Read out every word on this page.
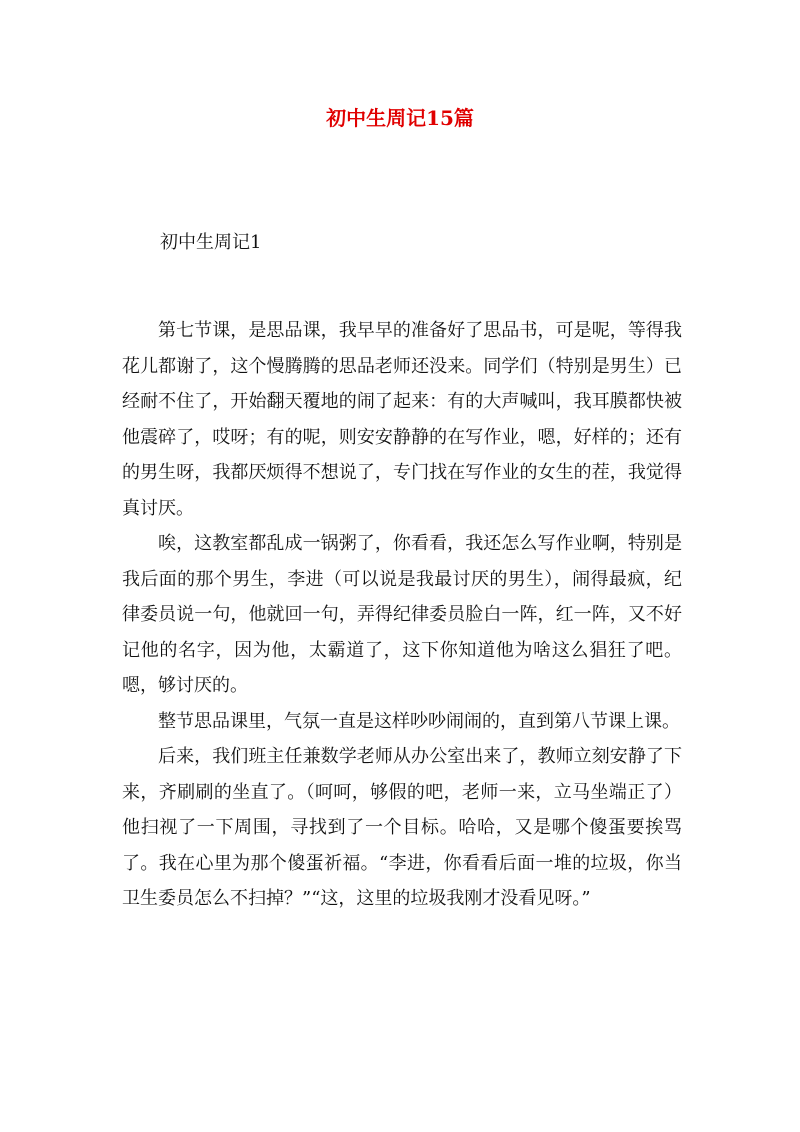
初中生周记15篇
初中生周记1

第七节课，是思品课，我早早的准备好了思品书，可是呢，等得我花儿都谢了，这个慢腾腾的思品老师还没来。同学们（特别是男生）已经耐不住了，开始翻天覆地的闹了起来：有的大声喊叫，我耳膜都快被他震碎了，哎呀；有的呢，则安安静静的在写作业，嗯，好样的；还有的男生呀，我都厌烦得不想说了，专门找在写作业的女生的茬，我觉得真讨厌。

唉，这教室都乱成一锅粥了，你看看，我还怎么写作业啊，特别是我后面的那个男生，李进（可以说是我最讨厌的男生），闹得最疯，纪律委员说一句，他就回一句，弄得纪律委员脸白一阵，红一阵，又不好记他的名字，因为他，太霸道了，这下你知道他为啥这么猖狂了吧。嗯，够讨厌的。

整节思品课里，气氛一直是这样吵吵闹闹的，直到第八节课上课。

后来，我们班主任兼数学老师从办公室出来了，教师立刻安静了下来，齐刷刷的坐直了。（呵呵，够假的吧，老师一来，立马坐端正了）他扫视了一下周围，寻找到了一个目标。哈哈，又是哪个傻蛋要挨骂了。我在心里为那个傻蛋祈福。“李进，你看看后面一堆的垃圾，你当卫生委员怎么不扫掉？”“这，这里的垃圾我刚才没看见呀。”
